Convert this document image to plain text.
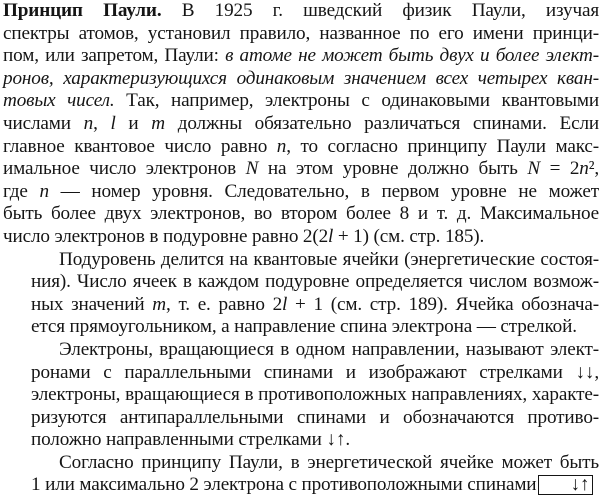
Принцип Паули. В 1925 г. шведский физик Паули, изучая
спектры атомов, установил правило, названное по его имени принци-
пом, или запретом, Паули: в атоме не может быть двух и более элект-
ронов, характеризующихся одинаковым значением всех четырех кван-
товых чисел. Так, например, электроны с одинаковыми квантовыми
числами n, l и m должны обязательно различаться спинами. Если
главное квантовое число равно n, то согласно принципу Паули макс-
имальное число электронов N на этом уровне должно быть N = 2n²,
где n — номер уровня. Следовательно, в первом уровне не может
быть более двух электронов, во втором более 8 и т. д. Максимальное
число электронов в подуровне равно 2(2l + 1) (см. стр. 185).
Подуровень делится на квантовые ячейки (энергетические состоя-
ния). Число ячеек в каждом подуровне определяется числом возмож-
ных значений m, т. е. равно 2l + 1 (см. стр. 189). Ячейка обознача-
ется прямоугольником, а направление спина электрона — стрелкой.
Электроны, вращающиеся в одном направлении, называют элект-
ронами с параллельными спинами и изображают стрелками ↓↓,
электроны, вращающиеся в противоположных направлениях, характе-
ризуются антипараллельными спинами и обозначаются противо-
положно направленными стрелками ↓↑.
Согласно принципу Паули, в энергетической ячейке может быть
1 или максимально 2 электрона с противоположными спинами ↓↑
